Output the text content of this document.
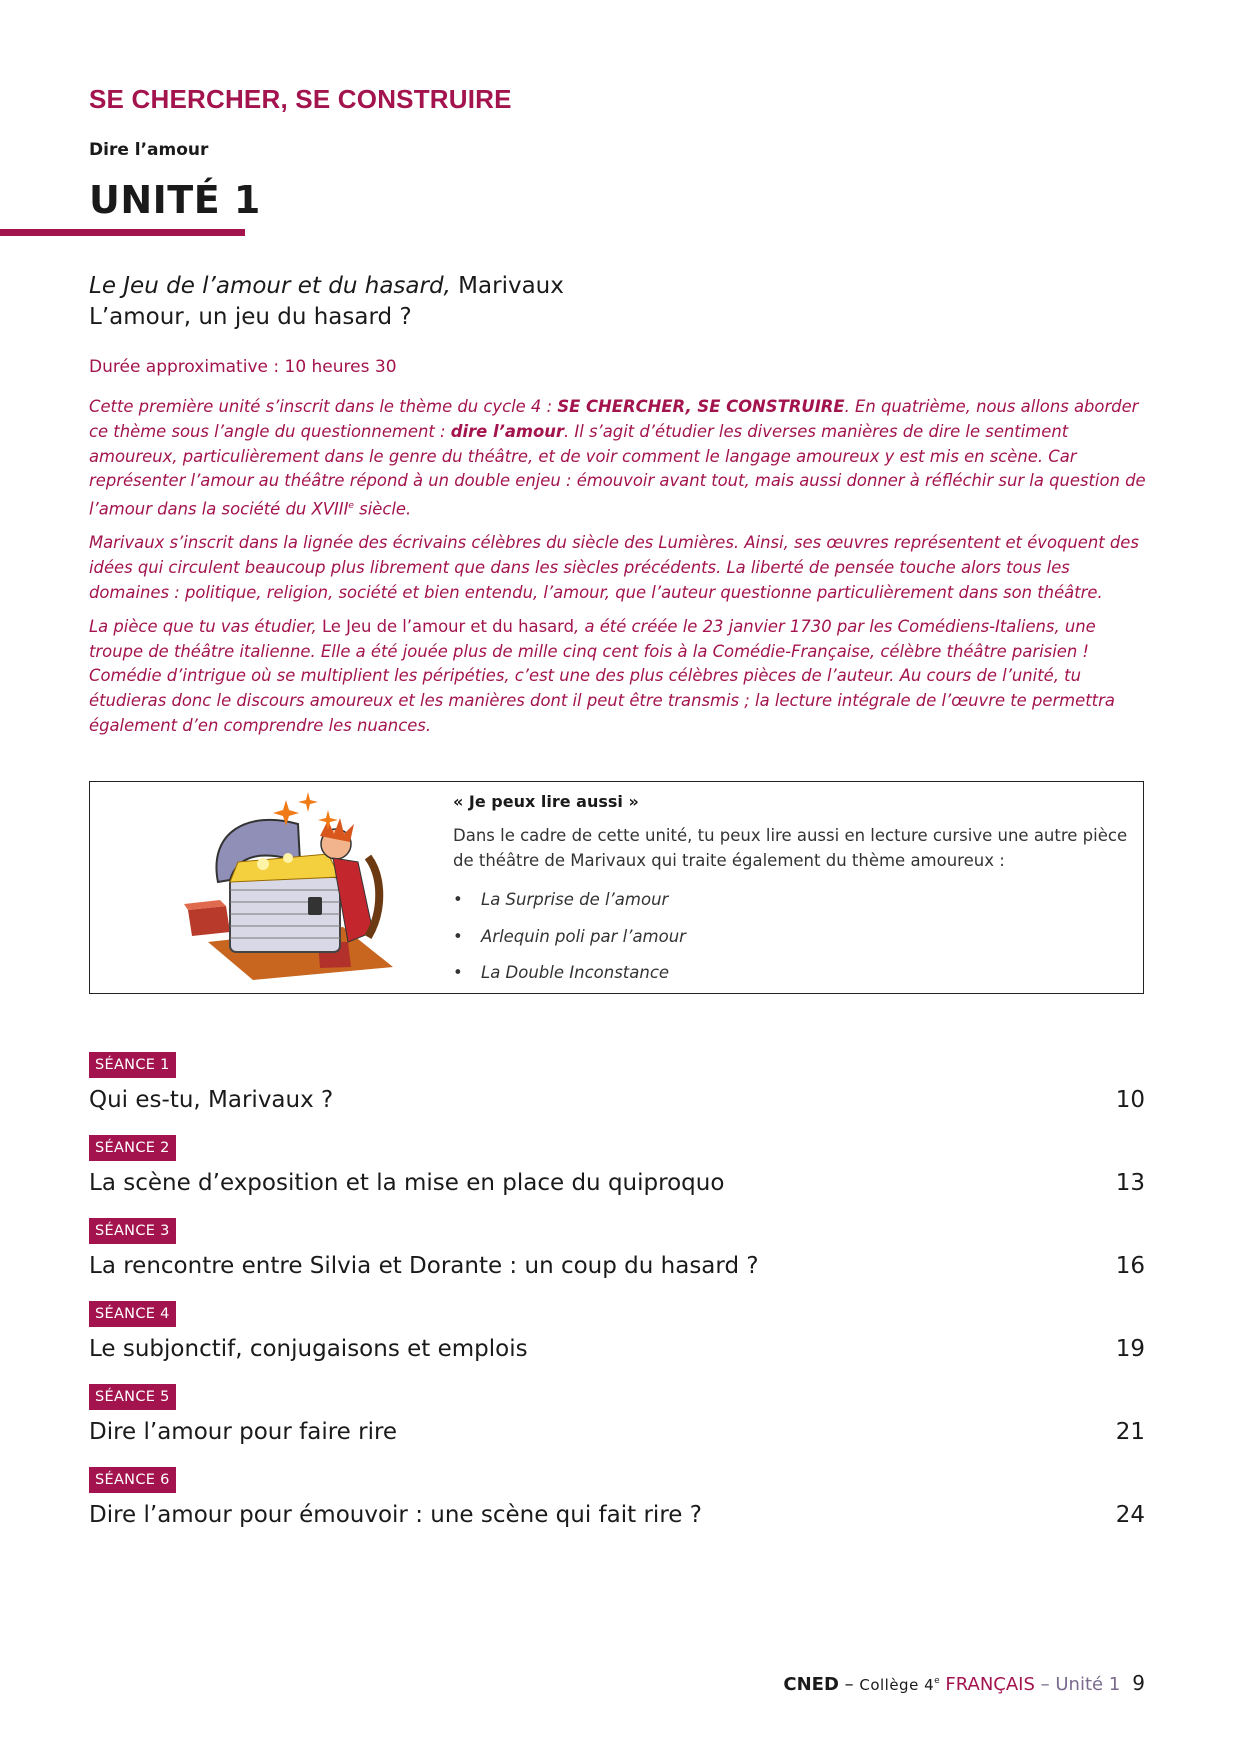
SE CHERCHER, SE CONSTRUIRE
Dire l’amour
UNITÉ 1
Le Jeu de l’amour et du hasard, Marivaux
L’amour, un jeu du hasard ?
Durée approximative : 10 heures 30

Cette première unité s’inscrit dans le thème du cycle 4 : SE CHERCHER, SE CONSTRUIRE. En quatrième, nous allons aborder ce thème sous l’angle du questionnement : dire l’amour. Il s’agit d’étudier les diverses manières de dire le sentiment amoureux, particulièrement dans le genre du théâtre, et de voir comment le langage amoureux y est mis en scène. Car représenter l’amour au théâtre répond à un double enjeu : émouvoir avant tout, mais aussi donner à réfléchir sur la question de l’amour dans la société du XVIIIe siècle.

Marivaux s’inscrit dans la lignée des écrivains célèbres du siècle des Lumières. Ainsi, ses œuvres représentent et évoquent des idées qui circulent beaucoup plus librement que dans les siècles précédents. La liberté de pensée touche alors tous les domaines : politique, religion, société et bien entendu, l’amour, que l’auteur questionne particulièrement dans son théâtre.

La pièce que tu vas étudier, Le Jeu de l’amour et du hasard, a été créée le 23 janvier 1730 par les Comédiens-Italiens, une troupe de théâtre italienne. Elle a été jouée plus de mille cinq cent fois à la Comédie-Française, célèbre théâtre parisien ! Comédie d’intrigue où se multiplient les péripéties, c’est une des plus célèbres pièces de l’auteur. Au cours de l’unité, tu étudieras donc le discours amoureux et les manières dont il peut être transmis ; la lecture intégrale de l’œuvre te permettra également d’en comprendre les nuances.

« Je peux lire aussi »
Dans le cadre de cette unité, tu peux lire aussi en lecture cursive une autre pièce de théâtre de Marivaux qui traite également du thème amoureux :
• La Surprise de l’amour
• Arlequin poli par l’amour
• La Double Inconstance
SÉANCE 1
Qui es-tu, Marivaux ?	10
SÉANCE 2
La scène d’exposition et la mise en place du quiproquo	13
SÉANCE 3
La rencontre entre Silvia et Dorante : un coup du hasard ?	16
SÉANCE 4
Le subjonctif, conjugaisons et emplois	19
SÉANCE 5
Dire l’amour pour faire rire	21
SÉANCE 6
Dire l’amour pour émouvoir : une scène qui fait rire ?	24
CNED – Collège 4e FRANÇAIS – Unité 1 9
